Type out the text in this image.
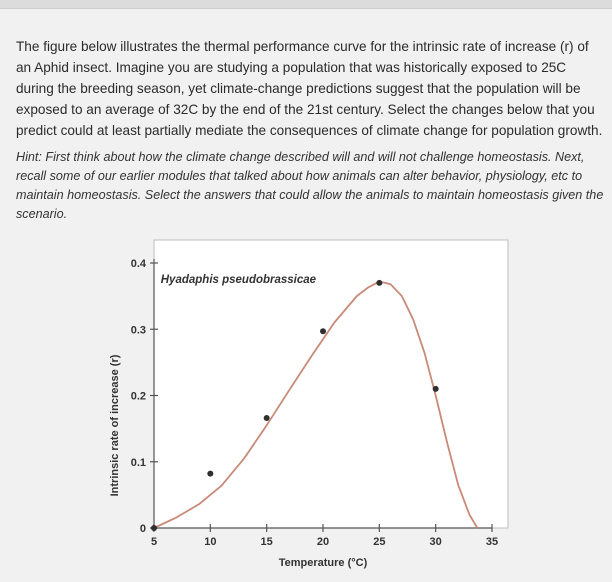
The figure below illustrates the thermal performance curve for the intrinsic rate of increase (r) of an Aphid insect. Imagine you are studying a population that was historically exposed to 25C during the breeding season, yet climate-change predictions suggest that the population will be exposed to an average of 32C by the end of the 21st century. Select the changes below that you predict could at least partially mediate the consequences of climate change for population growth.

Hint: First think about how the climate change described will and will not challenge homeostasis. Next, recall some of our earlier modules that talked about how animals can alter behavior, physiology, etc to maintain homeostasis. Select the answers that could allow the animals to maintain homeostasis given the scenario.

0
0.1
0.2
0.3
0.4
5	10	15	20	25	30	35
Temperature (°C)
Intrinsic rate of increase (r)
Hyadaphis pseudobrassicae
